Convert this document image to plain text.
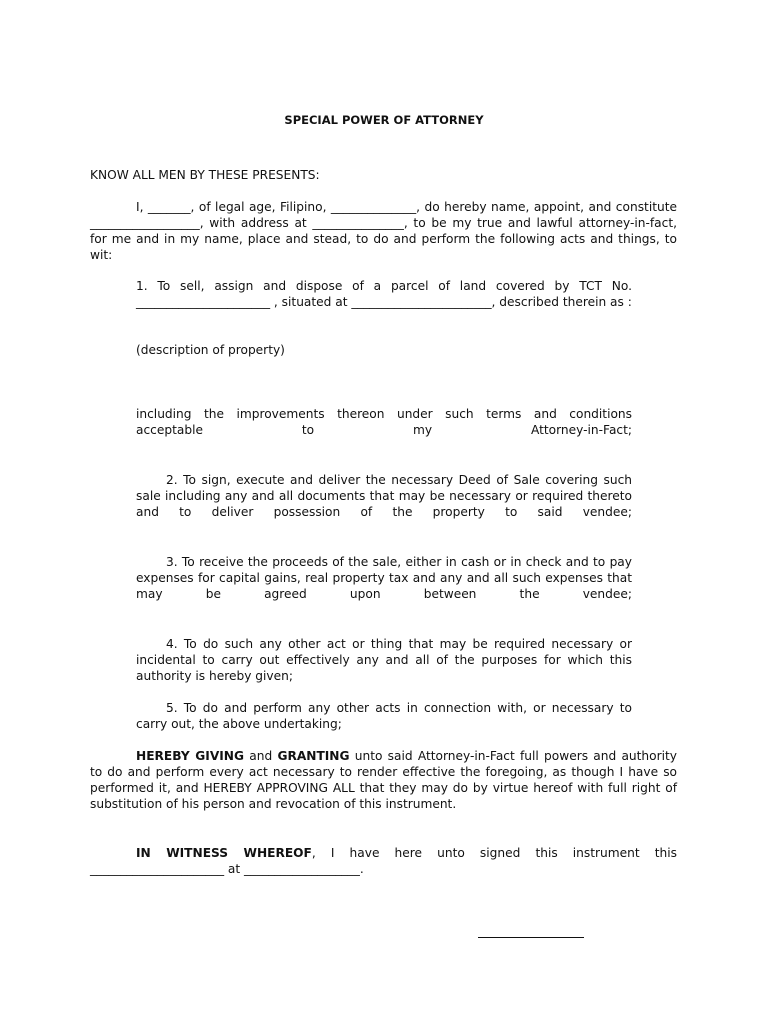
SPECIAL POWER OF ATTORNEY

KNOW ALL MEN BY THESE PRESENTS:

I, _______, of legal age, Filipino, ______________, do hereby name, appoint, and constitute __________________, with address at _______________, to be my true and lawful attorney-in-fact, for me and in my name, place and stead, to do and perform the following acts and things, to wit:

1. To sell, assign and dispose of a parcel of land covered by TCT No. ______________________ , situated at _______________________, described therein as :

(description of property)

including the improvements thereon under such terms and conditions acceptable to my Attorney-in-Fact;

2. To sign, execute and deliver the necessary Deed of Sale covering such sale including any and all documents that may be necessary or required thereto and to deliver possession of the property to said vendee;

3. To receive the proceeds of the sale, either in cash or in check and to pay expenses for capital gains, real property tax and any and all such expenses that may be agreed upon between the vendee;

4. To do such any other act or thing that may be required necessary or incidental to carry out effectively any and all of the purposes for which this authority is hereby given;

5. To do and perform any other acts in connection with, or necessary to carry out, the above undertaking;

HEREBY GIVING and GRANTING unto said Attorney-in-Fact full powers and authority to do and perform every act necessary to render effective the foregoing, as though I have so performed it, and HEREBY APPROVING ALL that they may do by virtue hereof with full right of substitution of his person and revocation of this instrument.

IN WITNESS WHEREOF, I have here unto signed this instrument this ______________________ at ___________________.
